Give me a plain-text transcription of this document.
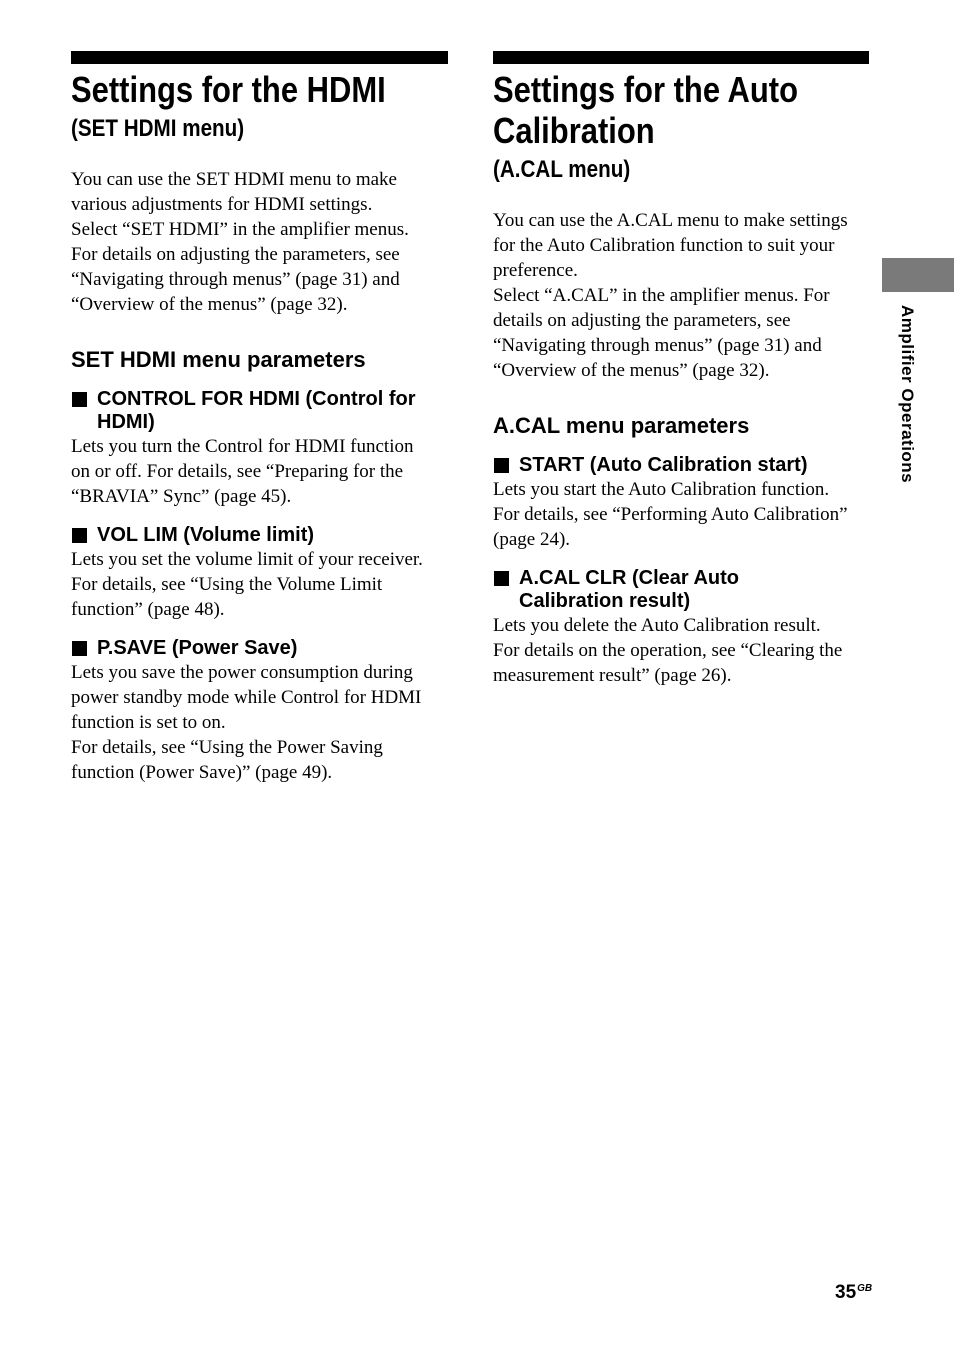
Settings for the HDMI
(SET HDMI menu)

You can use the SET HDMI menu to make
various adjustments for HDMI settings.
Select “SET HDMI” in the amplifier menus.
For details on adjusting the parameters, see
“Navigating through menus” (page 31) and
“Overview of the menus” (page 32).

SET HDMI menu parameters
CONTROL FOR HDMI (Control for HDMI)

Lets you turn the Control for HDMI function
on or off. For details, see “Preparing for the
“BRAVIA” Sync” (page 45).

VOL LIM (Volume limit)

Lets you set the volume limit of your receiver.
For details, see “Using the Volume Limit
function” (page 48).

P.SAVE (Power Save)

Lets you save the power consumption during
power standby mode while Control for HDMI
function is set to on.
For details, see “Using the Power Saving
function (Power Save)” (page 49).

Settings for the Auto Calibration
(A.CAL menu)

You can use the A.CAL menu to make settings
for the Auto Calibration function to suit your
preference.
Select “A.CAL” in the amplifier menus. For
details on adjusting the parameters, see
“Navigating through menus” (page 31) and
“Overview of the menus” (page 32).

A.CAL menu parameters
START (Auto Calibration start)

Lets you start the Auto Calibration function.
For details, see “Performing Auto Calibration”
(page 24).

A.CAL CLR (Clear Auto Calibration result)

Lets you delete the Auto Calibration result.
For details on the operation, see “Clearing the
measurement result” (page 26).

Amplifier Operations
$35^{GB}$
